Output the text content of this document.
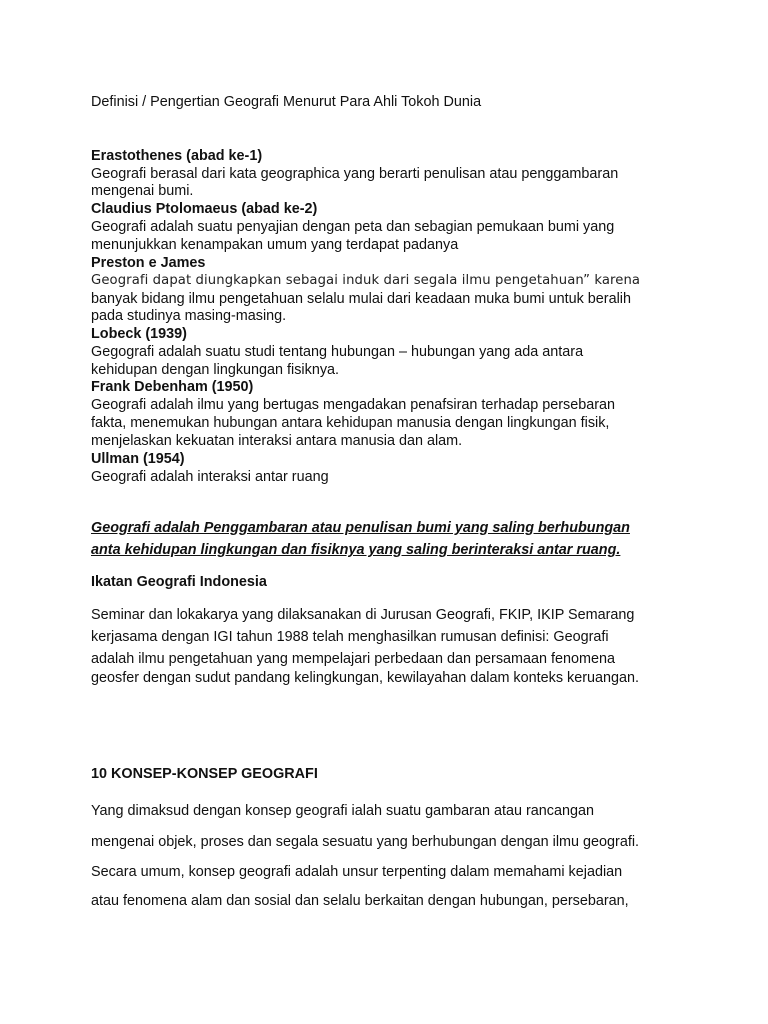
Definisi / Pengertian Geografi Menurut Para Ahli Tokoh Dunia
Erastothenes (abad ke-1)
Geografi berasal dari kata geographica yang berarti penulisan atau penggambaran
mengenai bumi.
Claudius Ptolomaeus (abad ke-2)
Geografi adalah suatu penyajian dengan peta dan sebagian pemukaan bumi yang
menunjukkan kenampakan umum yang terdapat padanya
Preston e James
Geografi dapat diungkapkan sebagai induk dari segala ilmu pengetahuan” karena
banyak bidang ilmu pengetahuan selalu mulai dari keadaan muka bumi untuk beralih
pada studinya masing-masing.
Lobeck (1939)
Gegografi adalah suatu studi tentang hubungan – hubungan yang ada antara
kehidupan dengan lingkungan fisiknya.
Frank Debenham (1950)
Geografi adalah ilmu yang bertugas mengadakan penafsiran terhadap persebaran
fakta, menemukan hubungan antara kehidupan manusia dengan lingkungan fisik,
menjelaskan kekuatan interaksi antara manusia dan alam.
Ullman (1954)
Geografi adalah interaksi antar ruang
Geografi adalah Penggambaran atau penulisan bumi yang saling berhubungan
anta kehidupan lingkungan dan fisiknya yang saling berinteraksi antar ruang.
Ikatan Geografi Indonesia
Seminar dan lokakarya yang dilaksanakan di Jurusan Geografi, FKIP, IKIP Semarang
kerjasama dengan IGI tahun 1988 telah menghasilkan rumusan definisi: Geografi
adalah ilmu pengetahuan yang mempelajari perbedaan dan persamaan fenomena
geosfer dengan sudut pandang kelingkungan, kewilayahan dalam konteks keruangan.
10 KONSEP-KONSEP GEOGRAFI
Yang dimaksud dengan konsep geografi ialah suatu gambaran atau rancangan
mengenai objek, proses dan segala sesuatu yang berhubungan dengan ilmu geografi.
Secara umum, konsep geografi adalah unsur terpenting dalam memahami kejadian
atau fenomena alam dan sosial dan selalu berkaitan dengan hubungan, persebaran,
